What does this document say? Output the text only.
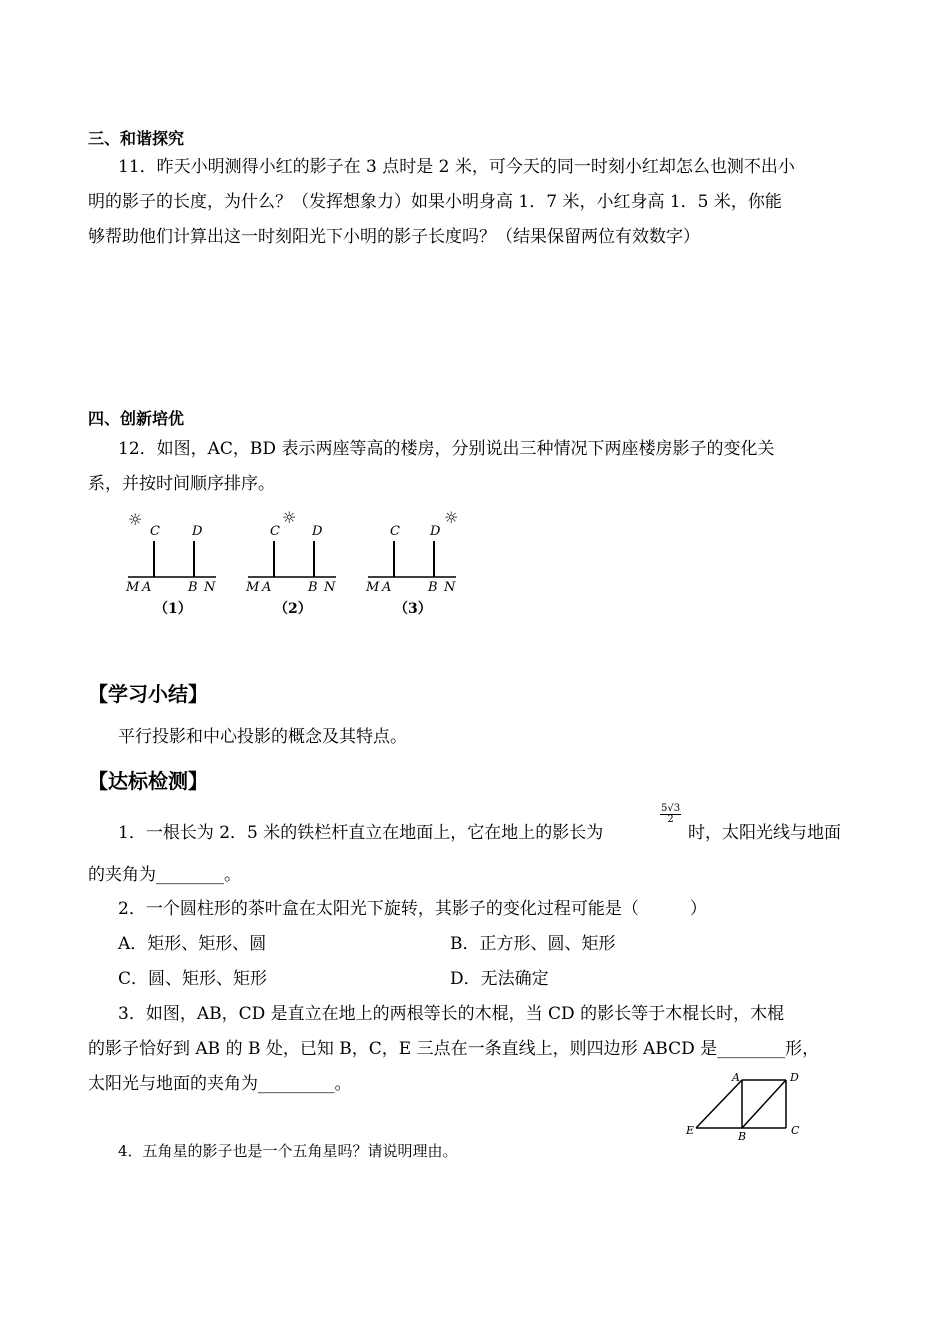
三、和谐探究
11．昨天小明测得小红的影子在 3 点时是 2 米，可今天的同一时刻小红却怎么也测不出小
明的影子的长度，为什么？（发挥想象力）如果小明身高 1．7 米，小红身高 1．5 米，你能
够帮助他们计算出这一时刻阳光下小明的影子长度吗？（结果保留两位有效数字）
四、创新培优
12．如图，AC，BD 表示两座等高的楼房，分别说出三种情况下两座楼房影子的变化关
系，并按时间顺序排序。
☼
C D
M A	B N
（1）
☼
C D
M A	B N
（2）
☼
C D
M A	B N
（3）
【学习小结】
平行投影和中心投影的概念及其特点。
【达标检测】
1．一根长为 2．5 米的铁栏杆直立在地面上，它在地上的影长为
$\frac{5√3}{2}$
时，太阳光线与地面
的夹角为________。
2．一个圆柱形的茶叶盒在太阳光下旋转，其影子的变化过程可能是（　　　）
A．矩形、矩形、圆	B．正方形、圆、矩形
C．圆、矩形、矩形	D．无法确定
3．如图，AB，CD 是直立在地上的两根等长的木棍，当 CD 的影长等于木棍长时，木棍
的影子恰好到 AB 的 B 处，已知 B，C，E 三点在一条直线上，则四边形 ABCD 是________形，
太阳光与地面的夹角为_________。	A	D
E	B	C
4．五角星的影子也是一个五角星吗？请说明理由。
